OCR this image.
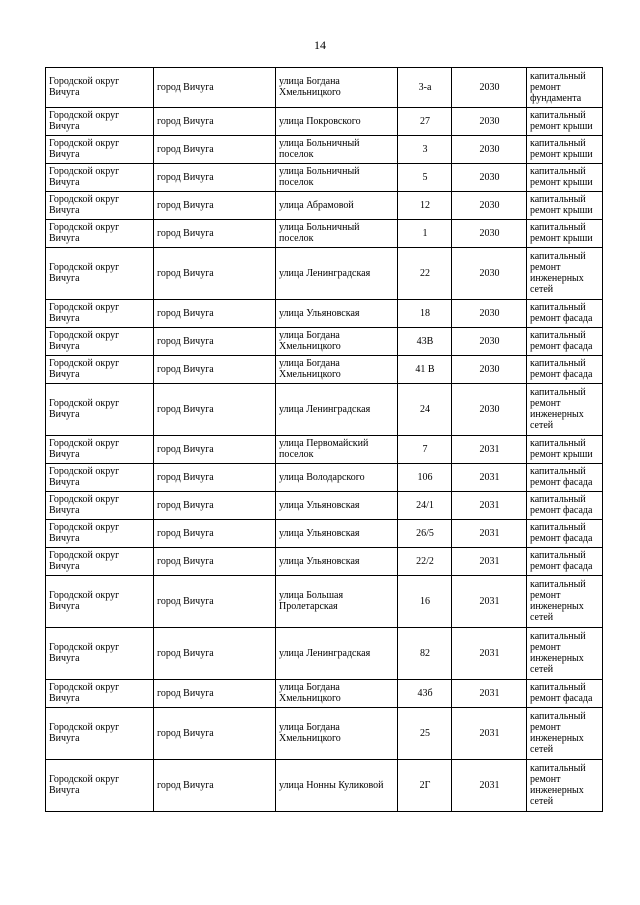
14
Городской округ Вичуга	город Вичуга	улица Богдана Хмельницкого	3-а	2030	капитальный ремонт фундамента
Городской округ Вичуга	город Вичуга	улица Покровского	27	2030	капитальный ремонт крыши
Городской округ Вичуга	город Вичуга	улица Больничный поселок	3	2030	капитальный ремонт крыши
Городской округ Вичуга	город Вичуга	улица Больничный поселок	5	2030	капитальный ремонт крыши
Городской округ Вичуга	город Вичуга	улица Абрамовой	12	2030	капитальный ремонт крыши
Городской округ Вичуга	город Вичуга	улица Больничный поселок	1	2030	капитальный ремонт крыши
Городской округ Вичуга	город Вичуга	улица Ленинградская	22	2030	капитальный ремонт инженерных сетей
Городской округ Вичуга	город Вичуга	улица Ульяновская	18	2030	капитальный ремонт фасада
Городской округ Вичуга	город Вичуга	улица Богдана Хмельницкого	43В	2030	капитальный ремонт фасада
Городской округ Вичуга	город Вичуга	улица Богдана Хмельницкого	41 В	2030	капитальный ремонт фасада
Городской округ Вичуга	город Вичуга	улица Ленинградская	24	2030	капитальный ремонт инженерных сетей
Городской округ Вичуга	город Вичуга	улица Первомайский поселок	7	2031	капитальный ремонт крыши
Городской округ Вичуга	город Вичуга	улица Володарского	106	2031	капитальный ремонт фасада
Городской округ Вичуга	город Вичуга	улица Ульяновская	24/1	2031	капитальный ремонт фасада
Городской округ Вичуга	город Вичуга	улица Ульяновская	26/5	2031	капитальный ремонт фасада
Городской округ Вичуга	город Вичуга	улица Ульяновская	22/2	2031	капитальный ремонт фасада
Городской округ Вичуга	город Вичуга	улица Большая Пролетарская	16	2031	капитальный ремонт инженерных сетей
Городской округ Вичуга	город Вичуга	улица Ленинградская	82	2031	капитальный ремонт инженерных сетей
Городской округ Вичуга	город Вичуга	улица Богдана Хмельницкого	43б	2031	капитальный ремонт фасада
Городской округ Вичуга	город Вичуга	улица Богдана Хмельницкого	25	2031	капитальный ремонт инженерных сетей
Городской округ Вичуга	город Вичуга	улица Нонны Куликовой	2Г	2031	капитальный ремонт инженерных сетей
